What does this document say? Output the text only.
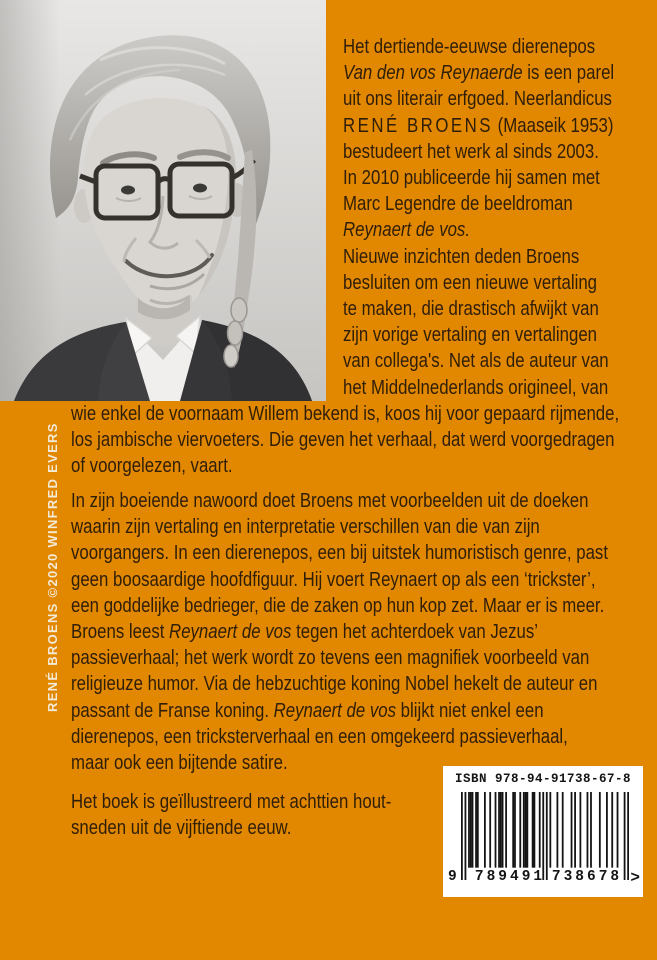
RENÉ BROENS ©2020 WINFRED EVERS
Het dertiende-eeuwse dierenepos
Van den vos Reynaerde is een parel
uit ons literair erfgoed. Neerlandicus
RENÉ BROENS (Maaseik 1953)
bestudeert het werk al sinds 2003.
In 2010 publiceerde hij samen met
Marc Legendre de beeldroman
Reynaert de vos.
Nieuwe inzichten deden Broens
besluiten om een nieuwe vertaling
te maken, die drastisch afwijkt van
zijn vorige vertaling en vertalingen
van collega's. Net als de auteur van
het Middelnederlands origineel, van
wie enkel de voornaam Willem bekend is, koos hij voor gepaard rijmende,
los jambische viervoeters. Die geven het verhaal, dat werd voorgedragen
of voorgelezen, vaart.
In zijn boeiende nawoord doet Broens met voorbeelden uit de doeken
waarin zijn vertaling en interpretatie verschillen van die van zijn
voorgangers. In een dierenepos, een bij uitstek humoristisch genre, past
geen boosaardige hoofdfiguur. Hij voert Reynaert op als een ‘trickster’,
een goddelijke bedrieger, die de zaken op hun kop zet. Maar er is meer.
Broens leest Reynaert de vos tegen het achterdoek van Jezus’
passieverhaal; het werk wordt zo tevens een magnifiek voorbeeld van
religieuze humor. Via de hebzuchtige koning Nobel hekelt de auteur en
passant de Franse koning. Reynaert de vos blijkt niet enkel een
dierenepos, een tricksterverhaal en een omgekeerd passieverhaal,
maar ook een bijtende satire.
Het boek is geïllustreerd met achttien hout-
sneden uit de vijftiende eeuw.
ISBN 978-94-91738-67-8
9 789491 738678 >
